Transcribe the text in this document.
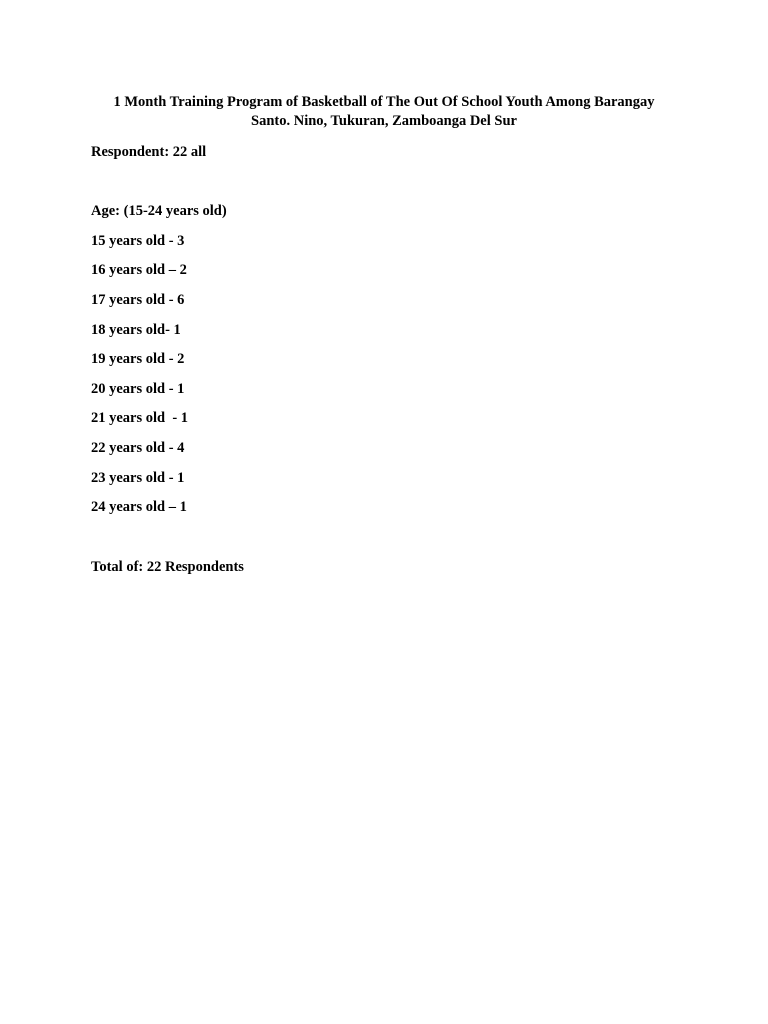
1 Month Training Program of Basketball of The Out Of School Youth Among Barangay
Santo. Nino, Tukuran, Zamboanga Del Sur
Respondent: 22 all
Age: (15-24 years old)
15 years old - 3
16 years old – 2
17 years old - 6
18 years old- 1
19 years old - 2
20 years old - 1
21 years old  - 1
22 years old - 4
23 years old - 1
24 years old – 1
Total of: 22 Respondents
